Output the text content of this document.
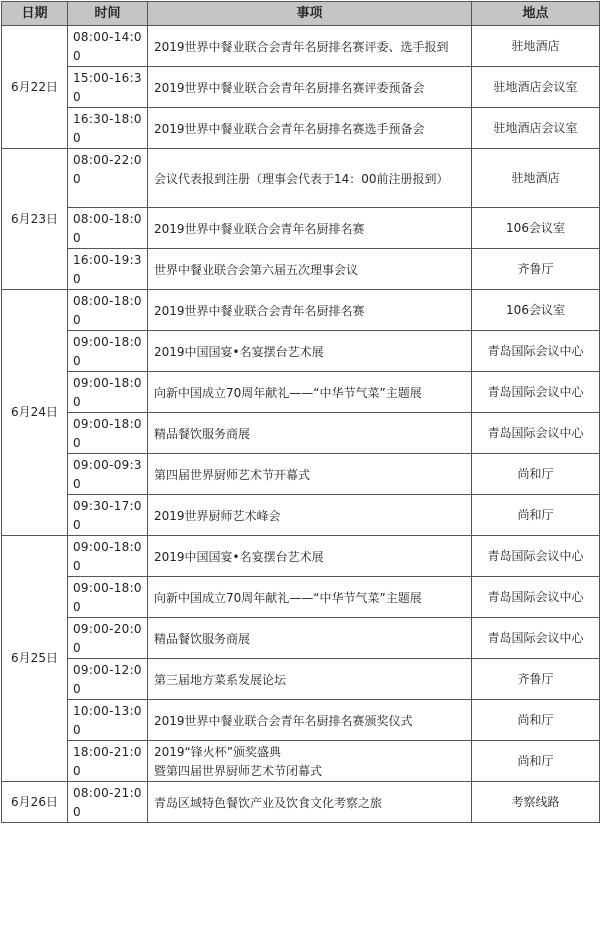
日期	时间	事项	地点
6月22日	08:00-14:00	2019世界中餐业联合会青年名厨排名赛评委、选手报到	驻地酒店
	15:00-16:30	2019世界中餐业联合会青年名厨排名赛评委预备会	驻地酒店会议室
	16:30-18:00	2019世界中餐业联合会青年名厨排名赛选手预备会	驻地酒店会议室
6月23日	08:00-22:00	会议代表报到注册（理事会代表于14：00前注册报到）	驻地酒店
	08:00-18:00	2019世界中餐业联合会青年名厨排名赛	106会议室
	16:00-19:30	世界中餐业联合会第六届五次理事会议	齐鲁厅
6月24日	08:00-18:00	2019世界中餐业联合会青年名厨排名赛	106会议室
	09:00-18:00	2019中国国宴•名宴摆台艺术展	青岛国际会议中心
	09:00-18:00	向新中国成立70周年献礼——“中华节气菜”主题展	青岛国际会议中心
	09:00-18:00	精品餐饮服务商展	青岛国际会议中心
	09:00-09:30	第四届世界厨师艺术节开幕式	尚和厅
	09:30-17:00	2019世界厨师艺术峰会	尚和厅
6月25日	09:00-18:00	2019中国国宴•名宴摆台艺术展	青岛国际会议中心
	09:00-18:00	向新中国成立70周年献礼——“中华节气菜”主题展	青岛国际会议中心
	09:00-20:00	精品餐饮服务商展	青岛国际会议中心
	09:00-12:00	第三届地方菜系发展论坛	齐鲁厅
	10:00-13:00	2019世界中餐业联合会青年名厨排名赛颁奖仪式	尚和厅
	18:00-21:00	2019“锋火杯”颁奖盛典
暨第四届世界厨师艺术节闭幕式	尚和厅
6月26日	08:00-21:00	青岛区域特色餐饮产业及饮食文化考察之旅	考察线路
